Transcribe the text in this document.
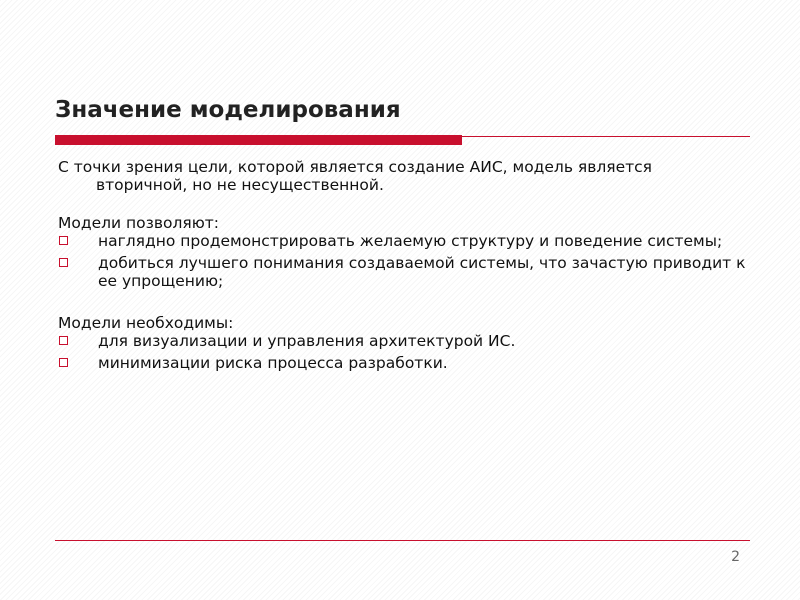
Значение моделирования

С точки зрения цели, которой является создание АИС, модель является вторичной, но не несущественной.

Модели позволяют:

наглядно продемонстрировать желаемую структуру и поведение системы;
добиться лучшего понимания создаваемой системы, что зачастую приводит к ее упрощению;

Модели необходимы:

для визуализации и управления архитектурой ИС.
минимизации риска процесса разработки.
2
